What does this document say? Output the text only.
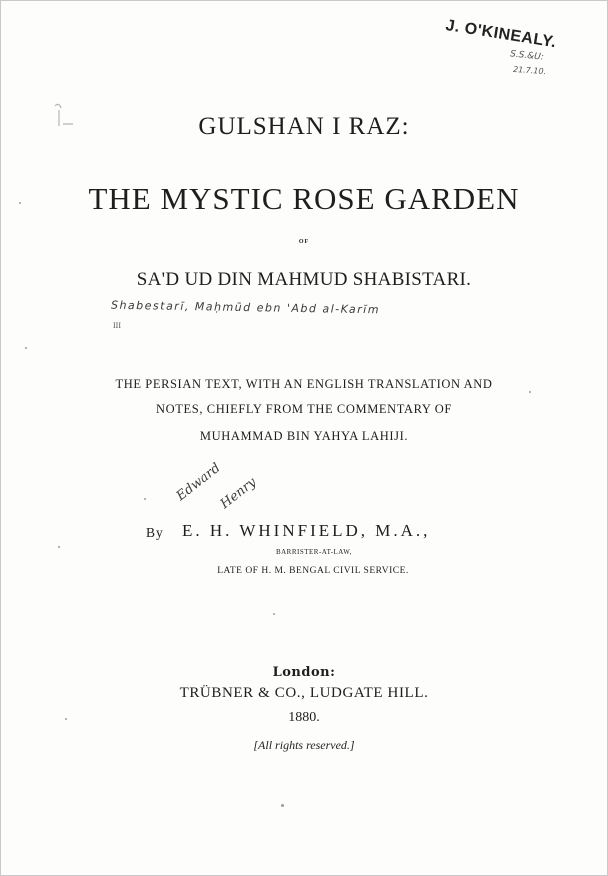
J. O'KINEALY.
S.S.&U:
21.7.10.
GULSHAN I RAZ:
THE MYSTIC ROSE GARDEN
OF
SA'D UD DIN MAHMUD SHABISTARI.
Shabestarī, Maḥmūd ebn 'Abd al-Karīm
III
THE PERSIAN TEXT, WITH AN ENGLISH TRANSLATION AND
NOTES, CHIEFLY FROM THE COMMENTARY OF
MUHAMMAD BIN YAHYA LAHIJI.
Edward
Henry
By E. H. WHINFIELD, M.A.,
BARRISTER-AT-LAW,
LATE OF H. M. BENGAL CIVIL SERVICE.
London:
TRÜBNER & CO., LUDGATE HILL.
1880.
[All rights reserved.]
